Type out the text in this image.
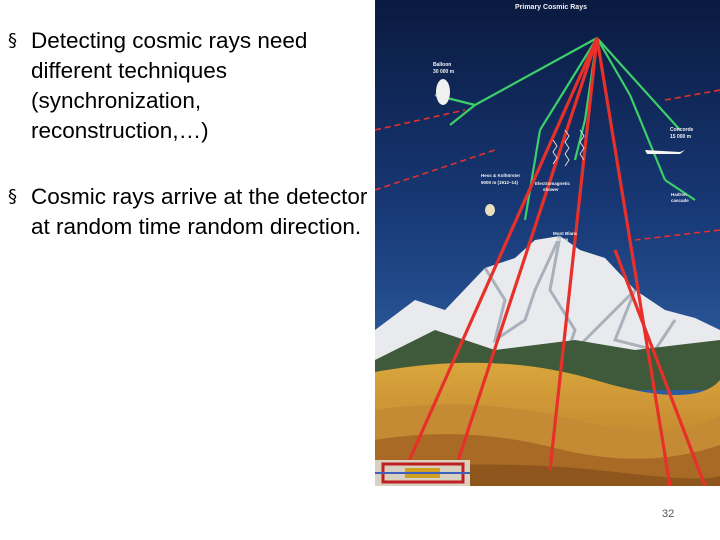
§ Detecting cosmic rays need different techniques (synchronization, reconstruction,…)
§ Cosmic rays arrive at the detector at random time random direction.
Primary Cosmic Rays
Balloon
30 000 m
Concorde
15 000 m
Hess & Kolhörster
9000 m (1912–14)	Electromagnetic
shower
Hadron
cascade
Mont Blanc
4807 m
32
